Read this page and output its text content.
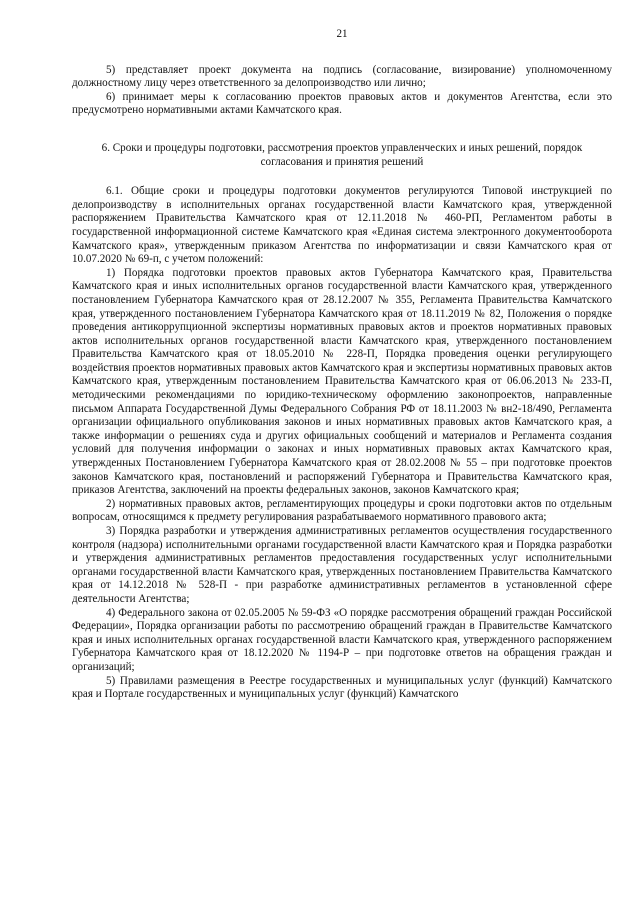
21

5) представляет проект документа на подпись (согласование, визирование) уполномоченному должностному лицу через ответственного за делопроизводство или лично;

6) принимает меры к согласованию проектов правовых актов и документов Агентства, если это предусмотрено нормативными актами Камчатского края.

6. Сроки и процедуры подготовки, рассмотрения проектов управленческих и иных решений, порядок согласования и принятия решений

6.1. Общие сроки и процедуры подготовки документов регулируются Типовой инструкцией по делопроизводству в исполнительных органах государственной власти Камчатского края, утвержденной распоряжением Правительства Камчатского края от 12.11.2018 № 460-РП, Регламентом работы в государственной информационной системе Камчатского края «Единая система электронного документооборота Камчатского края», утвержденным приказом Агентства по информатизации и связи Камчатского края от 10.07.2020 № 69-п, с учетом положений:

1) Порядка подготовки проектов правовых актов Губернатора Камчатского края, Правительства Камчатского края и иных исполнительных органов государственной власти Камчатского края, утвержденного постановлением Губернатора Камчатского края от 28.12.2007 № 355, Регламента Правительства Камчатского края, утвержденного постановлением Губернатора Камчатского края от 18.11.2019 № 82, Положения о порядке проведения антикоррупционной экспертизы нормативных правовых актов и проектов нормативных правовых актов исполнительных органов государственной власти Камчатского края, утвержденного постановлением Правительства Камчатского края от 18.05.2010 № 228-П, Порядка проведения оценки регулирующего воздействия проектов нормативных правовых актов Камчатского края и экспертизы нормативных правовых актов Камчатского края, утвержденным постановлением Правительства Камчатского края от 06.06.2013 № 233-П, методическими рекомендациями по юридико-техническому оформлению законопроектов, направленные письмом Аппарата Государственной Думы Федерального Собрания РФ от 18.11.2003 № вн2-18/490, Регламента организации официального опубликования законов и иных нормативных правовых актов Камчатского края, а также информации о решениях суда и других официальных сообщений и материалов и Регламента создания условий для получения информации о законах и иных нормативных правовых актах Камчатского края, утвержденных Постановлением Губернатора Камчатского края от 28.02.2008 № 55 – при подготовке проектов законов Камчатского края, постановлений и распоряжений Губернатора и Правительства Камчатского края, приказов Агентства, заключений на проекты федеральных законов, законов Камчатского края;

2) нормативных правовых актов, регламентирующих процедуры и сроки подготовки актов по отдельным вопросам, относящимся к предмету регулирования разрабатываемого нормативного правового акта;

3) Порядка разработки и утверждения административных регламентов осуществления государственного контроля (надзора) исполнительными органами государственной власти Камчатского края и Порядка разработки и утверждения административных регламентов предоставления государственных услуг исполнительными органами государственной власти Камчатского края, утвержденных постановлением Правительства Камчатского края от 14.12.2018 № 528-П - при разработке административных регламентов в установленной сфере деятельности Агентства;

4) Федерального закона от 02.05.2005 № 59-ФЗ «О порядке рассмотрения обращений граждан Российской Федерации», Порядка организации работы по рассмотрению обращений граждан в Правительстве Камчатского края и иных исполнительных органах государственной власти Камчатского края, утвержденного распоряжением Губернатора Камчатского края от 18.12.2020 № 1194-Р – при подготовке ответов на обращения граждан и организаций;

5) Правилами размещения в Реестре государственных и муниципальных услуг (функций) Камчатского края и Портале государственных и муниципальных услуг (функций) Камчатского
